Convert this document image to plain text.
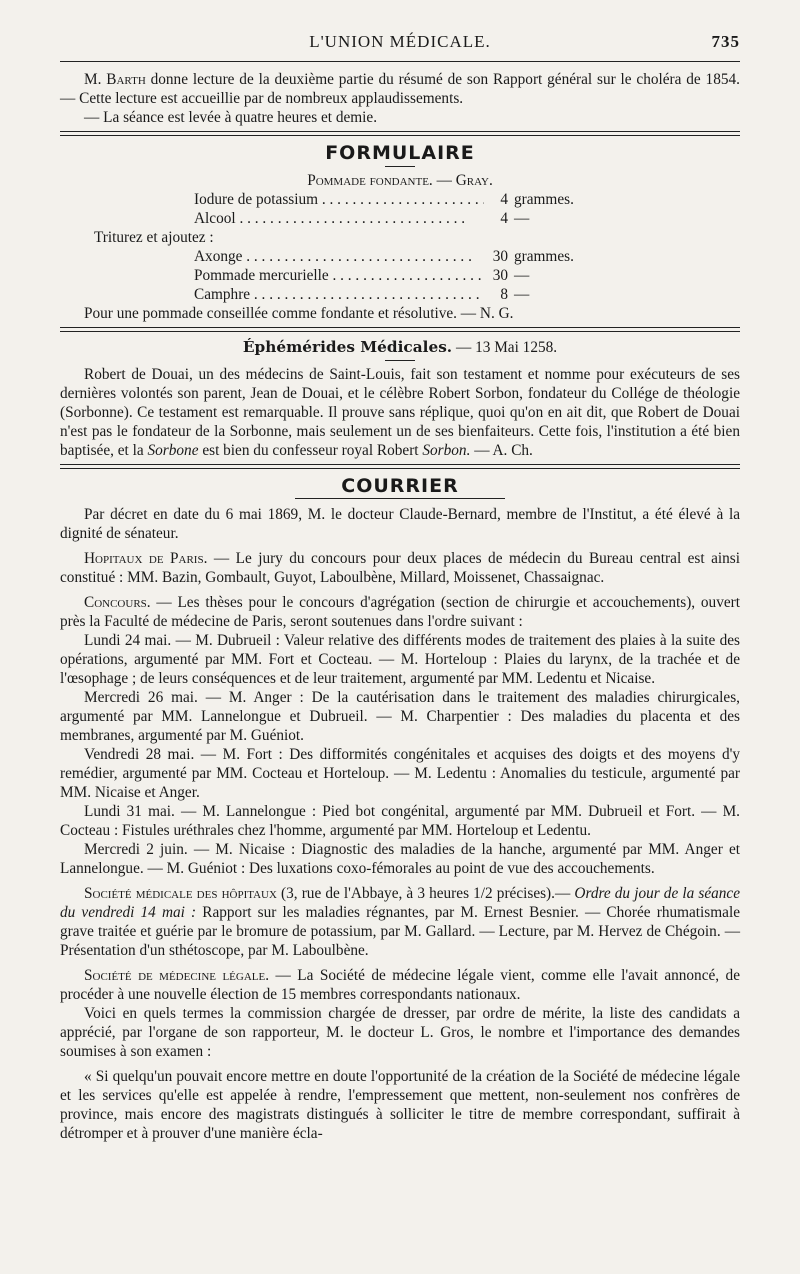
L'UNION MÉDICALE.	735

M. Barth donne lecture de la deuxième partie du résumé de son Rapport général sur le choléra de 1854. — Cette lecture est accueillie par de nombreux applaudissements.

— La séance est levée à quatre heures et demie.

FORMULAIRE

Pommade fondante. — Gray.

Iodure de potassium . . .	4 grammes.
Alcool . . .	4 —

Triturez et ajoutez :

Axonge . . .	30 grammes.
Pommade mercurielle . . .	30 —
Camphre . . .	8 —

Pour une pommade conseillée comme fondante et résolutive. — N. G.

Éphémérides Médicales. — 13 Mai 1258.

Robert de Douai, un des médecins de Saint-Louis, fait son testament et nomme pour exécuteurs de ses dernières volontés son parent, Jean de Douai, et le célèbre Robert Sorbon, fondateur du Collége de théologie (Sorbonne). Ce testament est remarquable. Il prouve sans réplique, quoi qu'on en ait dit, que Robert de Douai n'est pas le fondateur de la Sorbonne, mais seulement un de ses bienfaiteurs. Cette fois, l'institution a été bien baptisée, et la Sorbone est bien du confesseur royal Robert Sorbon. — A. Ch.

COURRIER

Par décret en date du 6 mai 1869, M. le docteur Claude-Bernard, membre de l'Institut, a été élevé à la dignité de sénateur.

Hopitaux de Paris. — Le jury du concours pour deux places de médecin du Bureau central est ainsi constitué : MM. Bazin, Gombault, Guyot, Laboulbène, Millard, Moissenet, Chassaignac.

Concours. — Les thèses pour le concours d'agrégation (section de chirurgie et accouchements), ouvert près la Faculté de médecine de Paris, seront soutenues dans l'ordre suivant :

Lundi 24 mai. — M. Dubrueil : Valeur relative des différents modes de traitement des plaies à la suite des opérations, argumenté par MM. Fort et Cocteau. — M. Horteloup : Plaies du larynx, de la trachée et de l'œsophage ; de leurs conséquences et de leur traitement, argumenté par MM. Ledentu et Nicaise.

Mercredi 26 mai. — M. Anger : De la cautérisation dans le traitement des maladies chirurgicales, argumenté par MM. Lannelongue et Dubrueil. — M. Charpentier : Des maladies du placenta et des membranes, argumenté par M. Guéniot.

Vendredi 28 mai. — M. Fort : Des difformités congénitales et acquises des doigts et des moyens d'y remédier, argumenté par MM. Cocteau et Horteloup. — M. Ledentu : Anomalies du testicule, argumenté par MM. Nicaise et Anger.

Lundi 31 mai. — M. Lannelongue : Pied bot congénital, argumenté par MM. Dubrueil et Fort. — M. Cocteau : Fistules uréthrales chez l'homme, argumenté par MM. Horteloup et Ledentu.

Mercredi 2 juin. — M. Nicaise : Diagnostic des maladies de la hanche, argumenté par MM. Anger et Lannelongue. — M. Guéniot : Des luxations coxo-fémorales au point de vue des accouchements.

Société médicale des hôpitaux (3, rue de l'Abbaye, à 3 heures 1/2 précises).— Ordre du jour de la séance du vendredi 14 mai : Rapport sur les maladies régnantes, par M. Ernest Besnier. — Chorée rhumatismale grave traitée et guérie par le bromure de potassium, par M. Gallard. — Lecture, par M. Hervez de Chégoin. — Présentation d'un sthétoscope, par M. Laboulbène.

Société de médecine légale. — La Société de médecine légale vient, comme elle l'avait annoncé, de procéder à une nouvelle élection de 15 membres correspondants nationaux.

Voici en quels termes la commission chargée de dresser, par ordre de mérite, la liste des candidats a apprécié, par l'organe de son rapporteur, M. le docteur L. Gros, le nombre et l'importance des demandes soumises à son examen :

« Si quelqu'un pouvait encore mettre en doute l'opportunité de la création de la Société de médecine légale et les services qu'elle est appelée à rendre, l'empressement que mettent, non-seulement nos confrères de province, mais encore des magistrats distingués à solliciter le titre de membre correspondant, suffirait à détromper et à prouver d'une manière écla-
